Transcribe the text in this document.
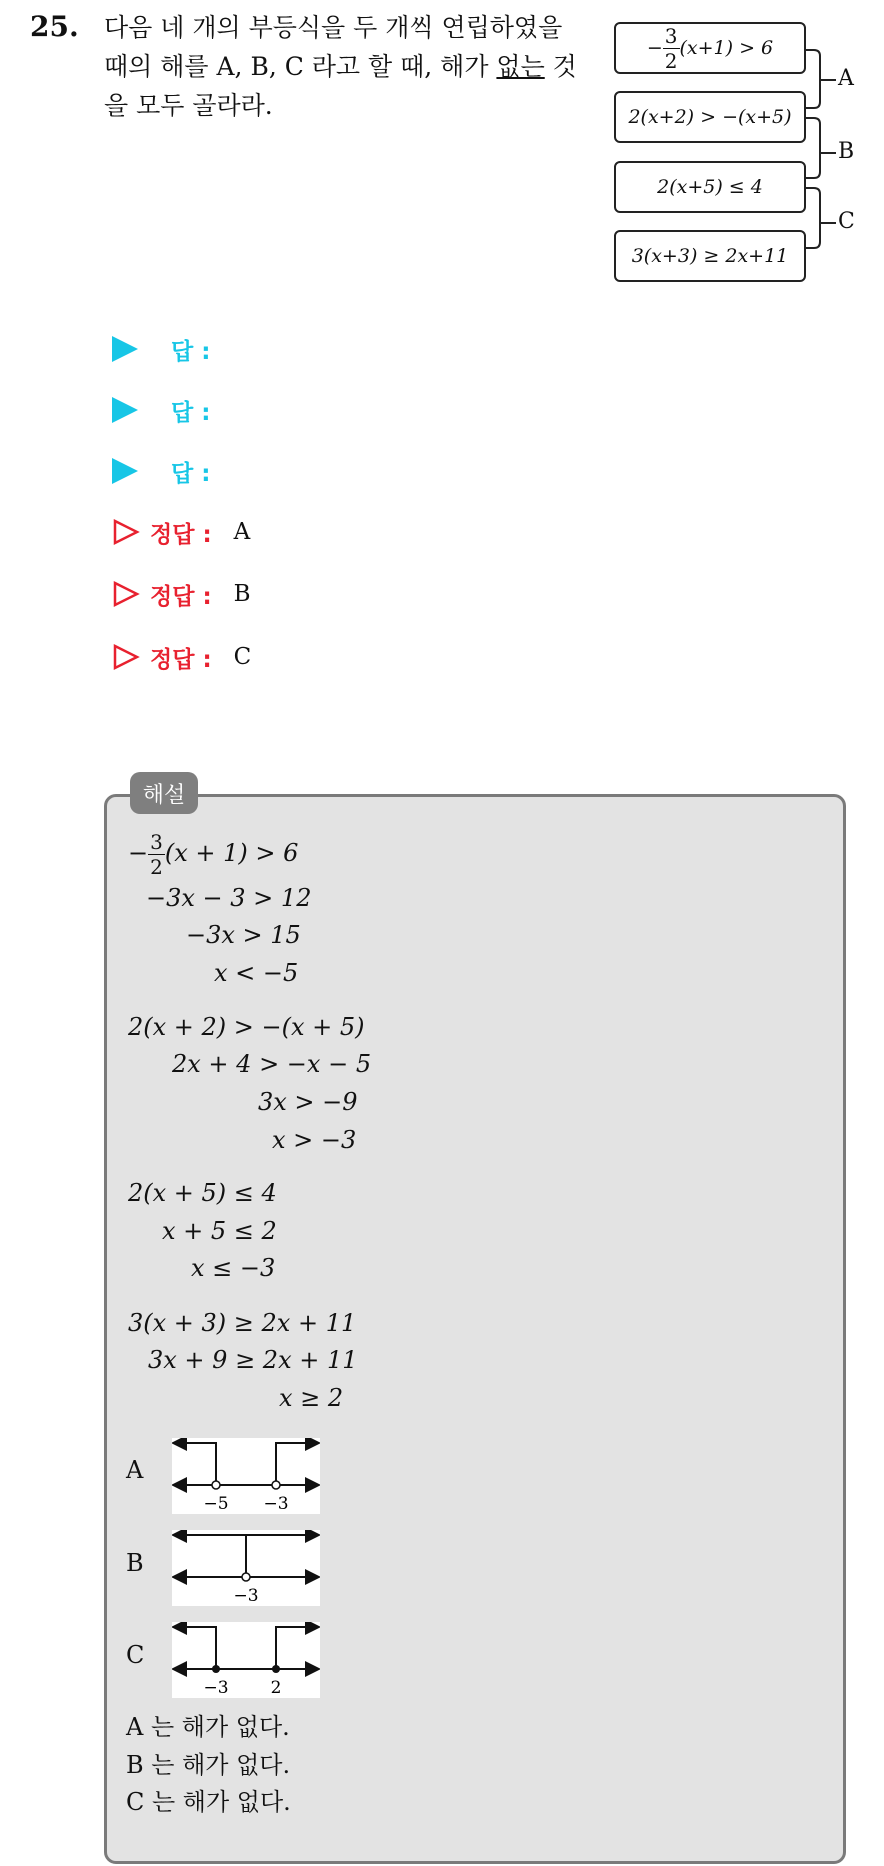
25. 다음 네 개의 부등식을 두 개씩 연립하였을 때의 해를 A, B, C 라고 할 때, 해가 없는 것을 모두 골라라.
− $\frac{3}{2} (x+1) > 6$
2(x+2) > −(x+5)
2(x+5) ≤ 4
3(x+3) ≥ 2x+11
A
B
C
답 :
답 :
답 :
정답 : A
정답 : B
정답 : C
해설
− $\frac{3}{2} (x + 1) > 6$
−3x − 3 > 12
−3x > 15
x < −5
2(x + 2) > −(x + 5)
2x + 4 > −x − 5
3x > −9
x > −3
2(x + 5) ≤ 4
x + 5 ≤ 2
x ≤ −3
3(x + 3) ≥ 2x + 11
3x + 9 ≥ 2x + 11
x ≥ 2
A
−5 −3
B
−3
C
−3 2
A 는 해가 없다.
B 는 해가 없다.
C 는 해가 없다.
